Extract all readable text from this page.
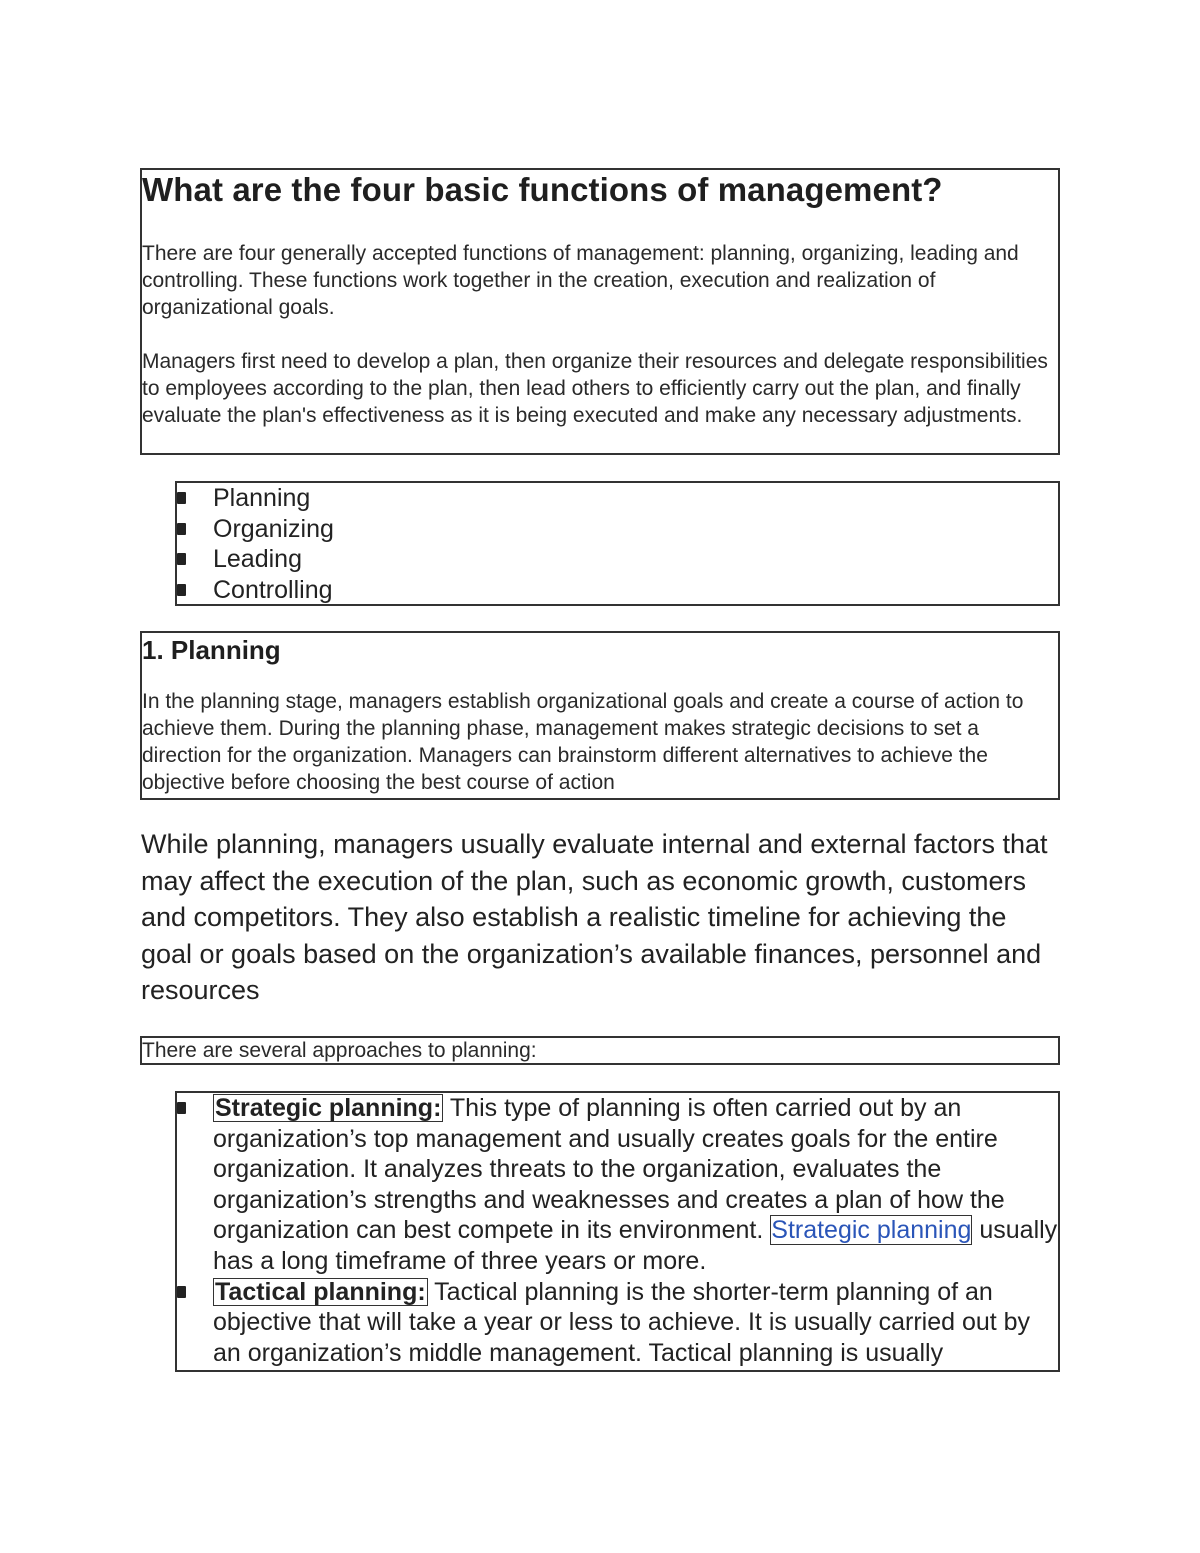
What are the four basic functions of management?

There are four generally accepted functions of management: planning, organizing, leading and controlling. These functions work together in the creation, execution and realization of organizational goals.

Managers first need to develop a plan, then organize their resources and delegate responsibilities to employees according to the plan, then lead others to efficiently carry out the plan, and finally evaluate the plan's effectiveness as it is being executed and make any necessary adjustments.

Planning
Organizing
Leading
Controlling
1. Planning

In the planning stage, managers establish organizational goals and create a course of action to achieve them. During the planning phase, management makes strategic decisions to set a direction for the organization. Managers can brainstorm different alternatives to achieve the objective before choosing the best course of action

While planning, managers usually evaluate internal and external factors that may affect the execution of the plan, such as economic growth, customers and competitors. They also establish a realistic timeline for achieving the goal or goals based on the organization’s available finances, personnel and resources

There are several approaches to planning:

Strategic planning: This type of planning is often carried out by an organization’s top management and usually creates goals for the entire organization. It analyzes threats to the organization, evaluates the organization’s strengths and weaknesses and creates a plan of how the organization can best compete in its environment. Strategic planning usually has a long timeframe of three years or more.
Tactical planning: Tactical planning is the shorter-term planning of an objective that will take a year or less to achieve. It is usually carried out by an organization’s middle management. Tactical planning is usually
